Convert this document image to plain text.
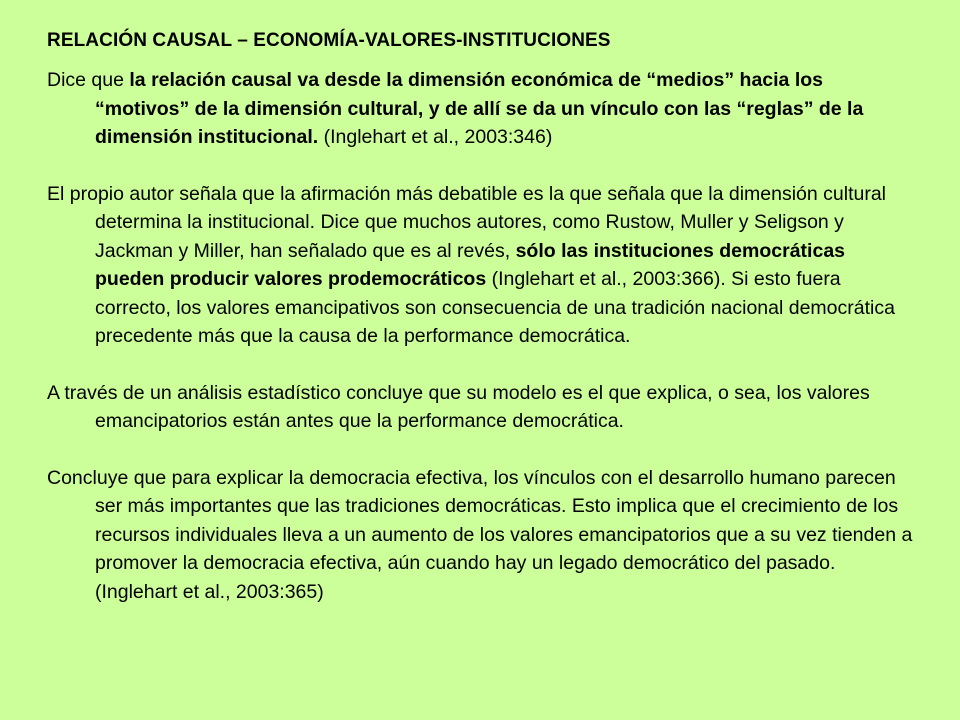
RELACIÓN CAUSAL – ECONOMÍA-VALORES-INSTITUCIONES

Dice que la relación causal va desde la dimensión económica de “medios” hacia los “motivos” de la dimensión cultural, y de allí se da un vínculo con las “reglas” de la dimensión institucional. (Inglehart et al., 2003:346)

El propio autor señala que la afirmación más debatible es la que señala que la dimensión cultural determina la institucional. Dice que muchos autores, como Rustow, Muller y Seligson y Jackman y Miller, han señalado que es al revés, sólo las instituciones democráticas pueden producir valores prodemocráticos (Inglehart et al., 2003:366). Si esto fuera correcto, los valores emancipativos son consecuencia de una tradición nacional democrática precedente más que la causa de la performance democrática.

A través de un análisis estadístico concluye que su modelo es el que explica, o sea, los valores emancipatorios están antes que la performance democrática.

Concluye que para explicar la democracia efectiva, los vínculos con el desarrollo humano parecen ser más importantes que las tradiciones democráticas. Esto implica que el crecimiento de los recursos individuales lleva a un aumento de los valores emancipatorios que a su vez tienden a promover la democracia efectiva, aún cuando hay un legado democrático del pasado. (Inglehart et al., 2003:365)
